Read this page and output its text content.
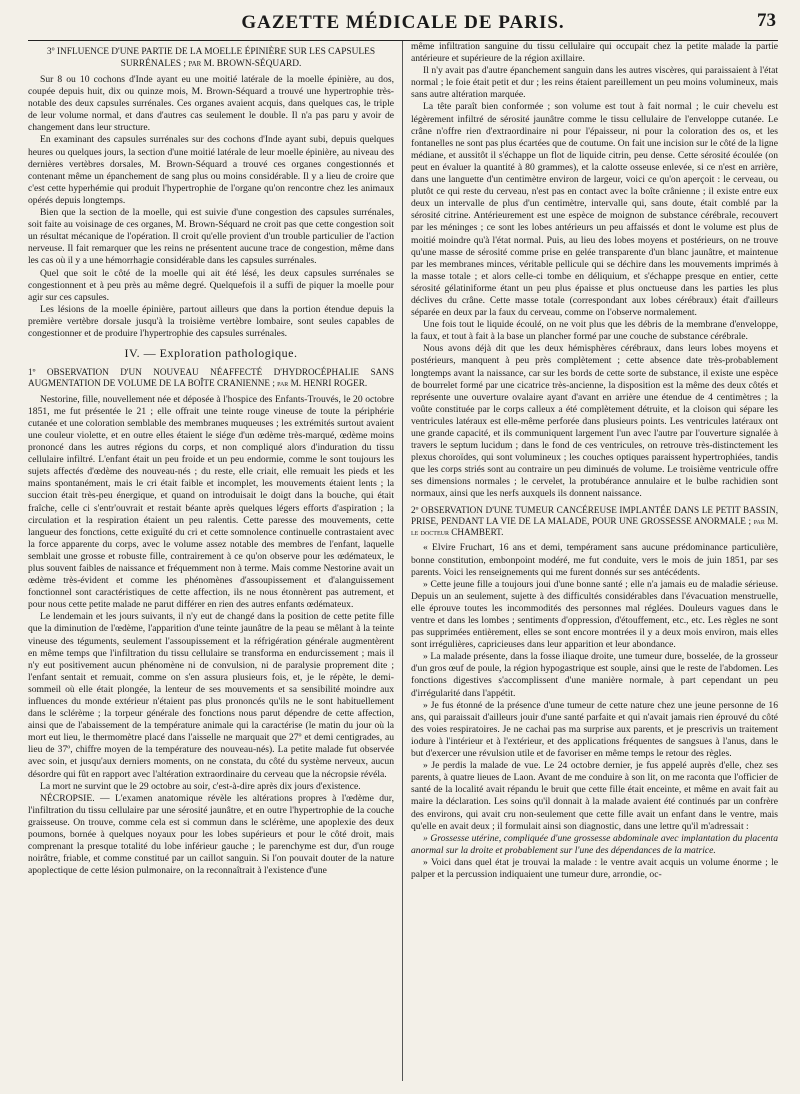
GAZETTE MÉDICALE DE PARIS.	73
3º INFLUENCE D'UNE PARTIE DE LA MOELLE ÉPINIÈRE SUR LES CAPSULES SURRÉNALES ; par M. BROWN-SÉQUARD.

Sur 8 ou 10 cochons d'Inde ayant eu une moitié latérale de la moelle épinière, au dos, coupée depuis huit, dix ou quinze mois, M. Brown-Séquard a trouvé une hypertrophie très-notable des deux capsules surrénales. Ces organes avaient acquis, dans quelques cas, le triple de leur volume normal, et dans d'autres cas seulement le double. Il n'a pas paru y avoir de changement dans leur structure.

En examinant des capsules surrénales sur des cochons d'Inde ayant subi, depuis quelques heures ou quelques jours, la section d'une moitié latérale de leur moelle épinière, au niveau des dernières vertèbres dorsales, M. Brown-Séquard a trouvé ces organes congestionnés et contenant même un épanchement de sang plus ou moins considérable. Il y a lieu de croire que c'est cette hyperhémie qui produit l'hypertrophie de l'organe qu'on rencontre chez les animaux opérés depuis longtemps.

Bien que la section de la moelle, qui est suivie d'une congestion des capsules surrénales, soit faite au voisinage de ces organes, M. Brown-Séquard ne croit pas que cette congestion soit un résultat mécanique de l'opération. Il croit qu'elle provient d'un trouble particulier de l'action nerveuse. Il fait remarquer que les reins ne présentent aucune trace de congestion, même dans les cas où il y a une hémorrhagie considérable dans les capsules surrénales.

Quel que soit le côté de la moelle qui ait été lésé, les deux capsules surrénales se congestionnent et à peu près au même degré. Quelquefois il a suffi de piquer la moelle pour agir sur ces capsules.

Les lésions de la moelle épinière, partout ailleurs que dans la portion étendue depuis la première vertèbre dorsale jusqu'à la troisième vertèbre lombaire, sont seules capables de congestionner et de produire l'hypertrophie des capsules surrénales.

IV. — Exploration pathologique.
1º OBSERVATION D'UN NOUVEAU NÉAFFECTÉ D'HYDROCÉPHALIE SANS AUGMENTATION DE VOLUME DE LA BOÎTE CRANIENNE ; par M. HENRI ROGER.

Nestorine, fille, nouvellement née et déposée à l'hospice des Enfants-Trouvés, le 20 octobre 1851, me fut présentée le 21 ; elle offrait une teinte rouge vineuse de toute la périphérie cutanée et une coloration semblable des membranes muqueuses ; les extrémités surtout avaient une couleur violette, et en outre elles étaient le siége d'un œdème très-marqué, œdème moins prononcé dans les autres régions du corps, et non compliqué alors d'induration du tissu cellulaire infiltré. L'enfant était un peu froide et un peu endormie, comme le sont toujours les sujets affectés d'œdème des nouveau-nés ; du reste, elle criait, elle remuait les pieds et les mains spontanément, mais le cri était faible et incomplet, les mouvements étaient lents ; la succion était très-peu énergique, et quand on introduisait le doigt dans la bouche, qui était fraîche, celle ci s'entr'ouvrait et restait béante après quelques légers efforts d'aspiration ; la circulation et la respiration étaient un peu ralentis. Cette paresse des mouvements, cette langueur des fonctions, cette exiguïté du cri et cette somnolence continuelle contrastaient avec la force apparente du corps, avec le volume assez notable des membres de l'enfant, laquelle semblait une grosse et robuste fille, contrairement à ce qu'on observe pour les œdémateux, le plus souvent faibles de naissance et fréquemment non à terme. Mais comme Nestorine avait un œdème très-évident et comme les phénomènes d'assoupissement et d'alanguissement fonctionnel sont caractéristiques de cette affection, ils ne nous étonnèrent pas autrement, et pour nous cette petite malade ne parut différer en rien des autres enfants œdémateux.

Le lendemain et les jours suivants, il n'y eut de changé dans la position de cette petite fille que la diminution de l'œdème, l'apparition d'une teinte jaunâtre de la peau se mêlant à la teinte vineuse des téguments, seulement l'assoupissement et la réfrigération générale augmentèrent en même temps que l'infiltration du tissu cellulaire se transforma en endurcissement ; mais il n'y eut positivement aucun phénomène ni de convulsion, ni de paralysie proprement dite ; l'enfant sentait et remuait, comme on s'en assura plusieurs fois, et, je le répète, le demi-sommeil où elle était plongée, la lenteur de ses mouvements et sa sensibilité moindre aux influences du monde extérieur n'étaient pas plus prononcés qu'ils ne le sont habituellement dans le sclérème ; la torpeur générale des fonctions nous parut dépendre de cette affection, ainsi que de l'abaissement de la température animale qui la caractérise (le matin du jour où la mort eut lieu, le thermomètre placé dans l'aisselle ne marquait que 27º et demi centigrades, au lieu de 37º, chiffre moyen de la température des nouveau-nés). La petite malade fut observée avec soin, et jusqu'aux derniers moments, on ne constata, du côté du système nerveux, aucun désordre qui fût en rapport avec l'altération extraordinaire du cerveau que la nécropsie révéla.

La mort ne survint que le 29 octobre au soir, c'est-à-dire après dix jours d'existence.

NÉCROPSIE. — L'examen anatomique révèle les altérations propres à l'œdème dur, l'infiltration du tissu cellulaire par une sérosité jaunâtre, et en outre l'hypertrophie de la couche graisseuse. On trouve, comme cela est si commun dans le sclérème, une apoplexie des deux poumons, bornée à quelques noyaux pour les lobes supérieurs et pour le côté droit, mais comprenant la presque totalité du lobe inférieur gauche ; le parenchyme est dur, d'un rouge noirâtre, friable, et comme constitué par un caillot sanguin. Si l'on pouvait douter de la nature apoplectique de cette lésion pulmonaire, on la reconnaîtrait à l'existence d'une

même infiltration sanguine du tissu cellulaire qui occupait chez la petite malade la partie antérieure et supérieure de la région axillaire.

Il n'y avait pas d'autre épanchement sanguin dans les autres viscères, qui paraissaient à l'état normal ; le foie était petit et dur ; les reins étaient pareillement un peu moins volumineux, mais sans autre altération marquée.

La tête paraît bien conformée ; son volume est tout à fait normal ; le cuir chevelu est légèrement infiltré de sérosité jaunâtre comme le tissu cellulaire de l'enveloppe cutanée. Le crâne n'offre rien d'extraordinaire ni pour l'épaisseur, ni pour la coloration des os, et les fontanelles ne sont pas plus écartées que de coutume. On fait une incision sur le côté de la ligne médiane, et aussitôt il s'échappe un flot de liquide citrin, peu dense. Cette sérosité écoulée (on peut en évaluer la quantité à 80 grammes), et la calotte osseuse enlevée, si ce n'est en arrière, dans une languette d'un centimètre environ de largeur, voici ce qu'on aperçoit : le cerveau, ou plutôt ce qui reste du cerveau, n'est pas en contact avec la boîte crânienne ; il existe entre eux deux un intervalle de plus d'un centimètre, intervalle qui, sans doute, était comblé par la sérosité citrine. Antérieurement est une espèce de moignon de substance cérébrale, recouvert par les méninges ; ce sont les lobes antérieurs un peu affaissés et dont le volume est plus de moitié moindre qu'à l'état normal. Puis, au lieu des lobes moyens et postérieurs, on ne trouve qu'une masse de sérosité comme prise en gelée transparente d'un blanc jaunâtre, et maintenue par les membranes minces, véritable pellicule qui se déchire dans les mouvements imprimés à la masse totale ; et alors celle-ci tombe en déliquium, et s'échappe presque en entier, cette sérosité gélatiniforme étant un peu plus épaisse et plus onctueuse dans les parties les plus déclives du crâne. Cette masse totale (correspondant aux lobes cérébraux) était d'ailleurs séparée en deux par la faux du cerveau, comme on l'observe normalement.

Une fois tout le liquide écoulé, on ne voit plus que les débris de la membrane d'enveloppe, la faux, et tout à fait à la base un plancher formé par une couche de substance cérébrale.

Nous avons déjà dit que les deux hémisphères cérébraux, dans leurs lobes moyens et postérieurs, manquent à peu près complètement ; cette absence date très-probablement longtemps avant la naissance, car sur les bords de cette sorte de substance, il existe une espèce de bourrelet formé par une cicatrice très-ancienne, la disposition est la même des deux côtés et représente une ouverture ovalaire ayant d'avant en arrière une étendue de 4 centimètres ; la voûte constituée par le corps calleux a été complètement détruite, et la cloison qui sépare les ventricules latéraux est elle-même perforée dans plusieurs points. Les ventricules latéraux ont une grande capacité, et ils communiquent largement l'un avec l'autre par l'ouverture signalée à travers le septum lucidum ; dans le fond de ces ventricules, on retrouve très-distinctement les plexus choroïdes, qui sont volumineux ; les couches optiques paraissent hypertrophiées, tandis que les corps striés sont au contraire un peu diminués de volume. Le troisième ventricule offre ses dimensions normales ; le cervelet, la protubérance annulaire et le bulbe rachidien sont normaux, ainsi que les nerfs auxquels ils donnent naissance.

2º OBSERVATION D'UNE TUMEUR CANCÉREUSE IMPLANTÉE DANS LE PETIT BASSIN, PRISE, PENDANT LA VIE DE LA MALADE, POUR UNE GROSSESSE ANORMALE ; par M. le docteur CHAMBERT.

« Elvire Fruchart, 16 ans et demi, tempérament sans aucune prédominance particulière, bonne constitution, embonpoint modéré, me fut conduite, vers le mois de juin 1851, par ses parents. Voici les renseignements qui me furent donnés sur ses antécédents.

» Cette jeune fille a toujours joui d'une bonne santé ; elle n'a jamais eu de maladie sérieuse. Depuis un an seulement, sujette à des difficultés considérables dans l'évacuation menstruelle, elle éprouve toutes les incommodités des personnes mal réglées. Douleurs vagues dans le ventre et dans les lombes ; sentiments d'oppression, d'étouffement, etc., etc. Les règles ne sont pas supprimées entièrement, elles se sont encore montrées il y a deux mois environ, mais elles sont irrégulières, capricieuses dans leur apparition et leur abondance.

» La malade présente, dans la fosse iliaque droite, une tumeur dure, bosselée, de la grosseur d'un gros œuf de poule, la région hypogastrique est souple, ainsi que le reste de l'abdomen. Les fonctions digestives s'accomplissent d'une manière normale, à part cependant un peu d'irrégularité dans l'appétit.

» Je fus étonné de la présence d'une tumeur de cette nature chez une jeune personne de 16 ans, qui paraissait d'ailleurs jouir d'une santé parfaite et qui n'avait jamais rien éprouvé du côté des voies respiratoires. Je ne cachai pas ma surprise aux parents, et je prescrivis un traitement iodure à l'intérieur et à l'extérieur, et des applications fréquentes de sangsues à l'anus, dans le but d'exercer une révulsion utile et de favoriser en même temps le retour des règles.

» Je perdis la malade de vue. Le 24 octobre dernier, je fus appelé auprès d'elle, chez ses parents, à quatre lieues de Laon. Avant de me conduire à son lit, on me raconta que l'officier de santé de la localité avait répandu le bruit que cette fille était enceinte, et même en avait fait au maire la déclaration. Les soins qu'il donnait à la malade avaient été continués par un confrère des environs, qui avait cru non-seulement que cette fille avait un enfant dans le ventre, mais qu'elle en avait deux ; il formulait ainsi son diagnostic, dans une lettre qu'il m'adressait :

» Grossesse utérine, compliquée d'une grossesse abdominale avec implantation du placenta anormal sur la droite et probablement sur l'une des dépendances de la matrice.

» Voici dans quel état je trouvai la malade : le ventre avait acquis un volume énorme ; le palper et la percussion indiquaient une tumeur dure, arrondie, oc-
